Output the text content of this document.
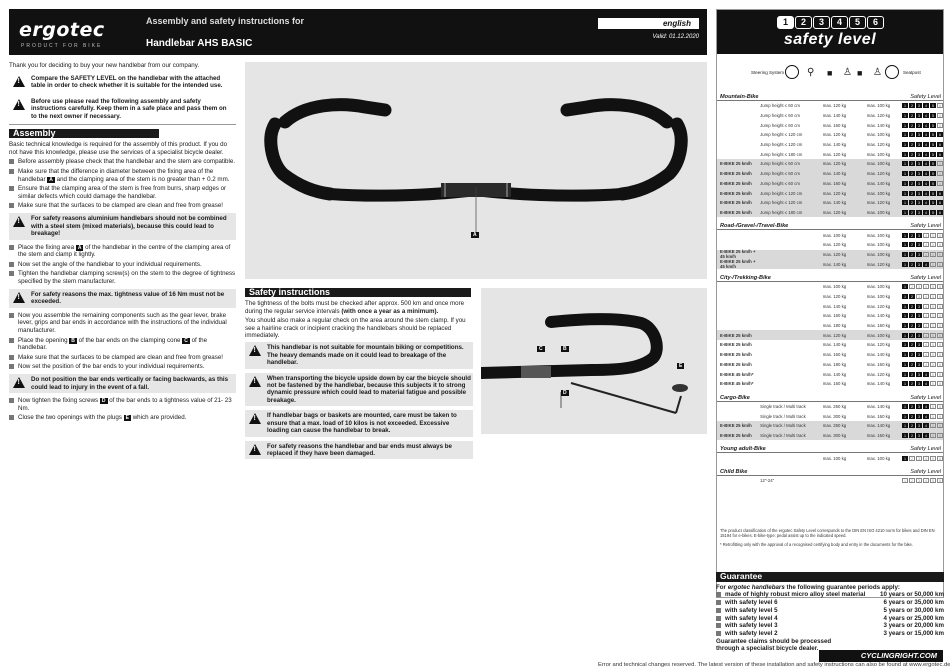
ergotec
PRODUCT FOR BIKE
Assembly and safety instructions for
Handlebar AHS BASIC
english
Valid: 01.12.2020

Thank you for deciding to buy your new handlebar from our company.

!
Compare the SAFETY LEVEL on the handlebar with the attached table in order to check whether it is suitable for the intended use.
!
Before use please read the following assembly and safety instructions carefully. Keep them in a safe place and pass them on to the next owner if necessary.
Assembly

Basic technical knowledge is required for the assembly of this product. If you do not have this knowledge, please use the services of a specialist bicycle dealer.

Before assembly please check that the handlebar and the stem are compatible.
Make sure that the difference in diameter between the fixing area of the handlebar A and the clamping area of the stem is no greater than + 0.2 mm.
Ensure that the clamping area of the stem is free from burrs, sharp edges or similar defects which could damage the handlebar.
Make sure that the surfaces to be clamped are clean and free from grease!
!
For safety reasons aluminium handlebars should not be combined with a steel stem (mixed materials), because this could lead to breakage!
Place the fixing area A of the handlebar in the centre of the clamping area of the stem and clamp it lightly.
Now set the angle of the handlebar to your individual requirements.
Tighten the handlebar clamping screw(s) on the stem to the degree of tightness specified by the stem manufacturer.
!
For safety reasons the max. tightness value of 16 Nm must not be exceeded.
Now you assemble the remaining components such as the gear lever, brake lever, grips and bar ends in accordance with the instructions of the individual manufacturer.
Place the opening B of the bar ends on the clamping cone C of the handlebar.
Make sure that the surfaces to be clamped are clean and free from grease!
Now set the position of the bar ends to your individual requirements.
!
Do not position the bar ends vertically or facing backwards, as this could lead to injury in the event of a fall.
Now tighten the fixing screws D of the bar ends to a tightness value of 21- 23 Nm.
Close the two openings with the plugs E which are provided.
A
Safety instructions

The tightness of the bolts must be checked after approx. 500 km and once more during the regular service intervals (with once a year as a minimum).

You should also make a regular check on the area around the stem clamp. If you see a hairline crack or incipient cracking the handlebars should be replaced immediately.

!
This handlebar is not suitable for mountain biking or competitions. The heavy demands made on it could lead to breakage of the handlebar.
!
When transporting the bicycle upside down by car the bicycle should not be fastened by the handlebar, because this subjects it to strong dynamic pressure which could lead to material fatigue and possible breakage.
!
If handlebar bags or baskets are mounted, care must be taken to ensure that a max. load of 10 kilos is not exceeded. Excessive loading can cause the handlebar to break.
!
For safety reasons the handlebar and bar ends must always be replaced if they have been damaged.
C	B
E
D
1	2	3	4	5	6
safety level
Steering System ⚲ ■ ♙ ■ ♙	Seatpost
Mountain-Bike	Safety Level
Jump height ≤ 60 cm	max. 120 kg	max. 100 kg	1	2	3	4	5	6
Jump height ≤ 60 cm	max. 140 kg	max. 120 kg	1	2	3	4	5	6
Jump height ≤ 60 cm	max. 160 kg	max. 140 kg	1	2	3	4	5	6
Jump height ≤ 120 cm	max. 120 kg	max. 100 kg	1	2	3	4	5	6
Jump height ≤ 120 cm	max. 140 kg	max. 120 kg	1	2	3	4	5	6
Jump height ≤ 180 cm	max. 120 kg	max. 100 kg	1	2	3	4	5	6
E-BIKE 25 km/h	Jump height ≤ 60 cm	max. 120 kg	max. 100 kg	1	2	3	4	5	6
E-BIKE 25 km/h	Jump height ≤ 60 cm	max. 140 kg	max. 120 kg	1	2	3	4	5	6
E-BIKE 25 km/h	Jump height ≤ 60 cm	max. 160 kg	max. 140 kg	1	2	3	4	5	6
E-BIKE 25 km/h	Jump height ≤ 120 cm	max. 120 kg	max. 100 kg	1	2	3	4	5	6
E-BIKE 25 km/h	Jump height ≤ 120 cm	max. 140 kg	max. 120 kg	1	2	3	4	5	6
E-BIKE 25 km/h	Jump height ≤ 180 cm	max. 120 kg	max. 100 kg	1	2	3	4	5	6
Road-/Gravel-/Travel-Bike	Safety Level
max. 100 kg	max. 100 kg	1	2	3	4	5	6
max. 120 kg	max. 100 kg	1	2	3	4	5	6
E-BIKE 25 km/h + 45 km/h	max. 120 kg	max. 100 kg	1	2	3	4	5	6
E-BIKE 25 km/h + 45 km/h	max. 140 kg	max. 120 kg	1	2	3	4	5	6
City-/Trekking-Bike	Safety Level
max. 100 kg	max. 100 kg	1	2	3	4	5	6
max. 120 kg	max. 100 kg	1	2	3	4	5	6
max. 140 kg	max. 120 kg	1	2	3	4	5	6
max. 160 kg	max. 140 kg	1	2	3	4	5	6
max. 180 kg	max. 160 kg	1	2	3	4	5	6
E-BIKE 25 km/h	max. 120 kg	max. 100 kg	1	2	3	4	5	6
E-BIKE 25 km/h	max. 140 kg	max. 120 kg	1	2	3	4	5	6
E-BIKE 25 km/h	max. 160 kg	max. 140 kg	1	2	3	4	5	6
E-BIKE 25 km/h	max. 180 kg	max. 160 kg	1	2	3	4	5	6
E-BIKE 45 km/h*	max. 140 kg	max. 120 kg	1	2	3	4	5	6
E-BIKE 45 km/h*	max. 160 kg	max. 140 kg	1	2	3	4	5	6
Cargo-Bike	Safety Level
Single track / Multi track	max. 250 kg	max. 140 kg	1	2	3	4	5	6
Single track / Multi track	max. 300 kg	max. 160 kg	1	2	3	4	5	6
E-BIKE 25 km/h	Single track / Multi track	max. 250 kg	max. 140 kg	1	2	3	4	5	6
E-BIKE 25 km/h	Single track / Multi track	max. 300 kg	max. 160 kg	1	2	3	4	5	6
Young adult-Bike	Safety Level
max. 100 kg	max. 100 kg	1	2	3	4	5	6
Child Bike	Safety Level
12"-24"	1	2	3	4	5	6

The product classification of the ergotec Safety Level corresponds to the DIN EN ISO 4210 norm for bikes and DIN EN 15194 for e-bikes. E-bike-type: pedal assist up to the indicated speed.

* Retrofitting only with the approval of a recognised certifying body and entry in the documents for the bike.

Guarantee
For ergotec handlebars the following guarantee periods apply:
made of highly robust micro alloy steel material 10 years or 50,000 km
with safety level 6	6 years or 35,000 km
with safety level 5	5 years or 30,000 km
with safety level 4	4 years or 25,000 km
with safety level 3	3 years or 20,000 km
with safety level 2	3 years or 15,000 km
Guarantee claims should be processed through a specialist bicycle dealer.
CYCLINGRIGHT.COM
Error and technical changes reserved. The latest version of these installation and safety instructions can also be found at www.ergotec.de
